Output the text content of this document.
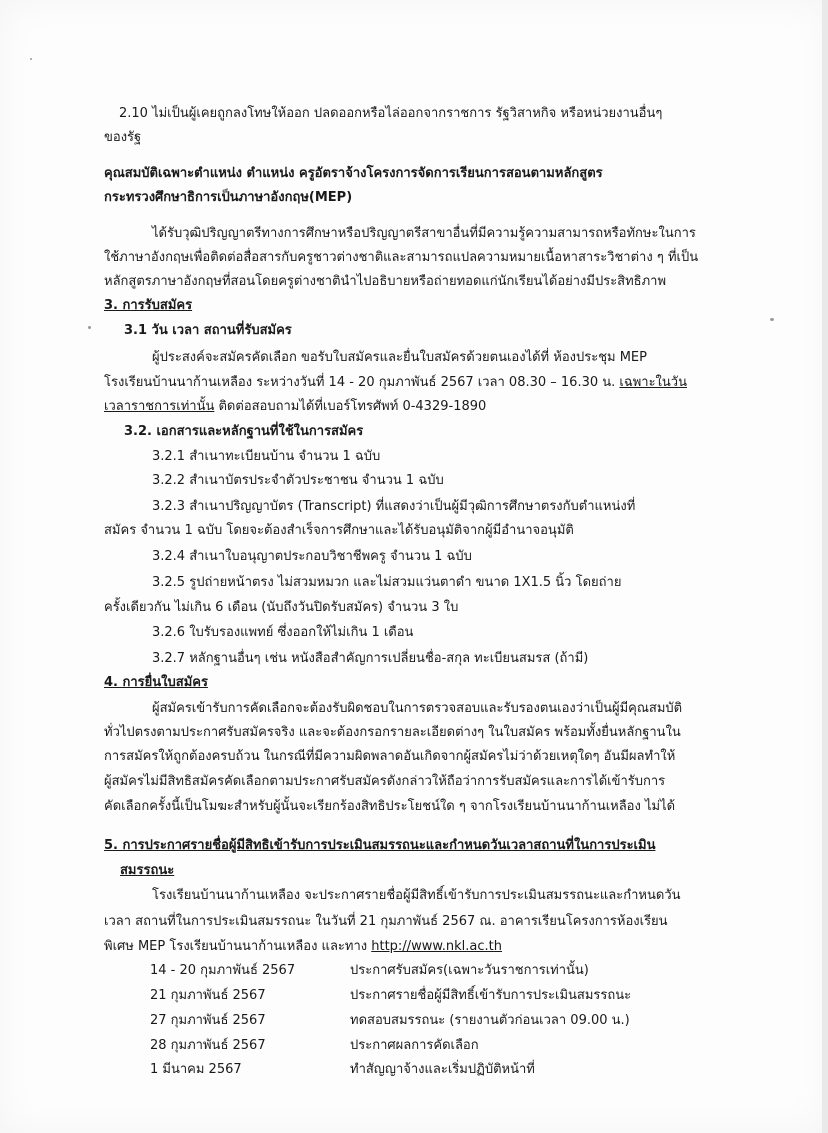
2.10 ไม่เป็นผู้เคยถูกลงโทษให้ออก ปลดออกหรือไล่ออกจากราชการ รัฐวิสาหกิจ หรือหน่วยงานอื่นๆ
ของรัฐ
คุณสมบัติเฉพาะตำแหน่ง ตำแหน่ง ครูอัตราจ้างโครงการจัดการเรียนการสอนตามหลักสูตร
กระทรวงศึกษาธิการเป็นภาษาอังกฤษ(MEP)
ได้รับวุฒิปริญญาตรีทางการศึกษาหรือปริญญาตรีสาขาอื่นที่มีความรู้ความสามารถหรือทักษะในการ
ใช้ภาษาอังกฤษเพื่อติดต่อสื่อสารกับครูชาวต่างชาติและสามารถแปลความหมายเนื้อหาสาระวิชาต่าง ๆ ที่เป็น
หลักสูตรภาษาอังกฤษที่สอนโดยครูต่างชาตินำไปอธิบายหรือถ่ายทอดแก่นักเรียนได้อย่างมีประสิทธิภาพ
3. การรับสมัคร
3.1 วัน เวลา สถานที่รับสมัคร
ผู้ประสงค์จะสมัครคัดเลือก ขอรับใบสมัครและยื่นใบสมัครด้วยตนเองได้ที่ ห้องประชุม MEP
โรงเรียนบ้านนาก้านเหลือง ระหว่างวันที่ 14 - 20 กุมภาพันธ์ 2567 เวลา 08.30 – 16.30 น. เฉพาะในวัน
เวลาราชการเท่านั้น ติดต่อสอบถามได้ที่เบอร์โทรศัพท์ 0-4329-1890
3.2. เอกสารและหลักฐานที่ใช้ในการสมัคร
3.2.1 สำเนาทะเบียนบ้าน จำนวน 1 ฉบับ
3.2.2 สำเนาบัตรประจำตัวประชาชน จำนวน 1 ฉบับ
3.2.3 สำเนาปริญญาบัตร (Transcript) ที่แสดงว่าเป็นผู้มีวุฒิการศึกษาตรงกับตำแหน่งที่
สมัคร จำนวน 1 ฉบับ โดยจะต้องสำเร็จการศึกษาและได้รับอนุมัติจากผู้มีอำนาจอนุมัติ
3.2.4 สำเนาใบอนุญาตประกอบวิชาชีพครู จำนวน 1 ฉบับ
3.2.5 รูปถ่ายหน้าตรง ไม่สวมหมวก และไม่สวมแว่นตาดำ ขนาด 1X1.5 นิ้ว โดยถ่าย
ครั้งเดียวกัน ไม่เกิน 6 เดือน (นับถึงวันปิดรับสมัคร) จำนวน 3 ใบ
3.2.6 ใบรับรองแพทย์ ซึ่งออกให้ไม่เกิน 1 เดือน
3.2.7 หลักฐานอื่นๆ เช่น หนังสือสำคัญการเปลี่ยนชื่อ-สกุล ทะเบียนสมรส (ถ้ามี)
4. การยื่นใบสมัคร
ผู้สมัครเข้ารับการคัดเลือกจะต้องรับผิดชอบในการตรวจสอบและรับรองตนเองว่าเป็นผู้มีคุณสมบัติ
ทั่วไปตรงตามประกาศรับสมัครจริง และจะต้องกรอกรายละเอียดต่างๆ ในใบสมัคร พร้อมทั้งยื่นหลักฐานใน
การสมัครให้ถูกต้องครบถ้วน ในกรณีที่มีความผิดพลาดอันเกิดจากผู้สมัครไม่ว่าด้วยเหตุใดๆ อันมีผลทำให้
ผู้สมัครไม่มีสิทธิสมัครคัดเลือกตามประกาศรับสมัครดังกล่าวให้ถือว่าการรับสมัครและการได้เข้ารับการ
คัดเลือกครั้งนี้เป็นโมฆะสำหรับผู้นั้นจะเรียกร้องสิทธิประโยชน์ใด ๆ จากโรงเรียนบ้านนาก้านเหลือง ไม่ได้
5. การประกาศรายชื่อผู้มีสิทธิเข้ารับการประเมินสมรรถนะและกำหนดวันเวลาสถานที่ในการประเมิน
สมรรถนะ
โรงเรียนบ้านนาก้านเหลือง จะประกาศรายชื่อผู้มีสิทธิ์เข้ารับการประเมินสมรรถนะและกำหนดวัน
เวลา สถานที่ในการประเมินสมรรถนะ ในวันที่ 21 กุมภาพันธ์ 2567 ณ. อาคารเรียนโครงการห้องเรียน
พิเศษ MEP โรงเรียนบ้านนาก้านเหลือง และทาง http://www.nkl.ac.th
14 - 20 กุมภาพันธ์ 2567	ประกาศรับสมัคร(เฉพาะวันราชการเท่านั้น)
21 กุมภาพันธ์ 2567	ประกาศรายชื่อผู้มีสิทธิ์เข้ารับการประเมินสมรรถนะ
27 กุมภาพันธ์ 2567	ทดสอบสมรรถนะ (รายงานตัวก่อนเวลา 09.00 น.)
28 กุมภาพันธ์ 2567	ประกาศผลการคัดเลือก
1 มีนาคม 2567	ทำสัญญาจ้างและเริ่มปฏิบัติหน้าที่
